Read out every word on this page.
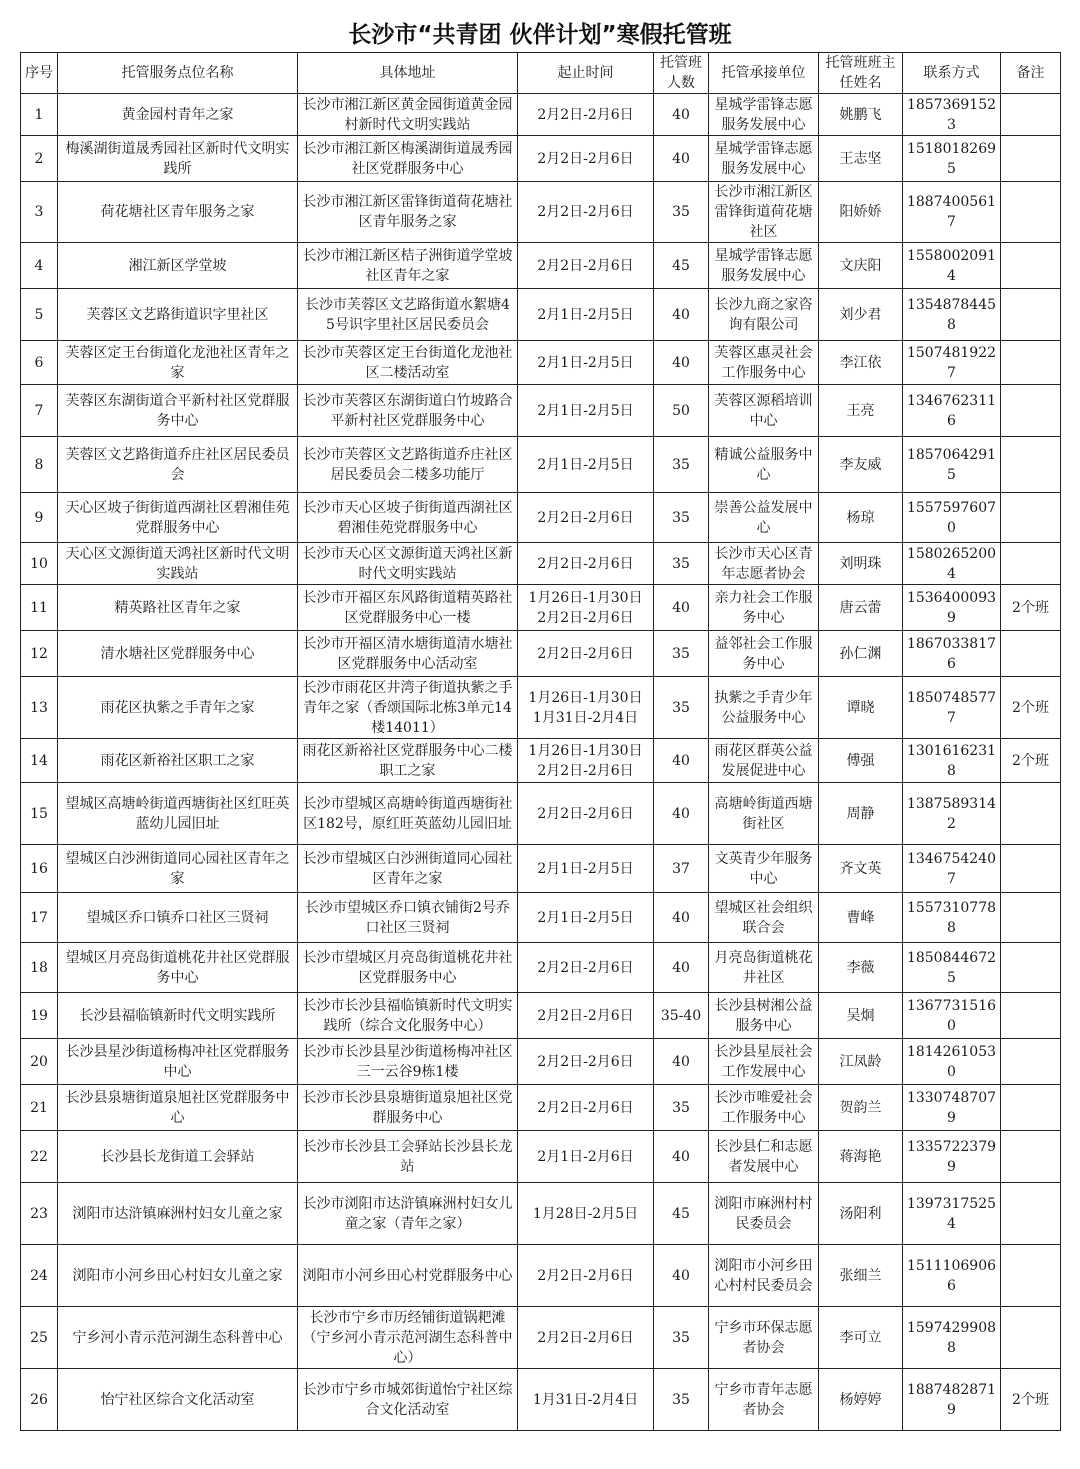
长沙市“共青团 伙伴计划”寒假托管班
序号	托管服务点位名称	具体地址	起止时间	托管班人数	托管承接单位	托管班班主任姓名	联系方式	备注
1	黄金园村青年之家	长沙市湘江新区黄金园街道黄金园村新时代文明实践站	2月2日-2月6日	40	星城学雷锋志愿服务发展中心	姚鹏飞	18573691523	
2	梅溪湖街道晟秀园社区新时代文明实践所	长沙市湘江新区梅溪湖街道晟秀园社区党群服务中心	2月2日-2月6日	40	星城学雷锋志愿服务发展中心	王志坚	15180182695	
3	荷花塘社区青年服务之家	长沙市湘江新区雷锋街道荷花塘社区青年服务之家	2月2日-2月6日	35	长沙市湘江新区雷锋街道荷花塘社区	阳娇娇	18874005617	
4	湘江新区学堂坡	长沙市湘江新区桔子洲街道学堂坡社区青年之家	2月2日-2月6日	45	星城学雷锋志愿服务发展中心	文庆阳	15580020914	
5	芙蓉区文艺路街道识字里社区	长沙市芙蓉区文艺路街道水絮塘45号识字里社区居民委员会	2月1日-2月5日	40	长沙九商之家咨询有限公司	刘少君	13548784458	
6	芙蓉区定王台街道化龙池社区青年之家	长沙市芙蓉区定王台街道化龙池社区二楼活动室	2月1日-2月5日	40	芙蓉区惠灵社会工作服务中心	李江依	15074819227	
7	芙蓉区东湖街道合平新村社区党群服务中心	长沙市芙蓉区东湖街道白竹坡路合平新村社区党群服务中心	2月1日-2月5日	50	芙蓉区源稻培训中心	王亮	13467623116	
8	芙蓉区文艺路街道乔庄社区居民委员会	长沙市芙蓉区文艺路街道乔庄社区居民委员会二楼多功能厅	2月1日-2月5日	35	精诚公益服务中心	李友威	18570642915	
9	天心区坡子街街道西湖社区碧湘佳苑党群服务中心	长沙市天心区坡子街街道西湖社区碧湘佳苑党群服务中心	2月2日-2月6日	35	崇善公益发展中心	杨琼	15575976070	
10	天心区文源街道天鸿社区新时代文明实践站	长沙市天心区文源街道天鸿社区新时代文明实践站	2月2日-2月6日	35	长沙市天心区青年志愿者协会	刘明珠	15802652004	
11	精英路社区青年之家	长沙市开福区东风路街道精英路社区党群服务中心一楼	1月26日-1月30日
2月2日-2月6日	40	亲力社会工作服务中心	唐云蕾	15364000939	2个班
12	清水塘社区党群服务中心	长沙市开福区清水塘街道清水塘社区党群服务中心活动室	2月2日-2月6日	35	益邻社会工作服务中心	孙仁渊	18670338176	
13	雨花区执紫之手青年之家	长沙市雨花区井湾子街道执紫之手青年之家（香颂国际北栋3单元14楼14011）	1月26日-1月30日
1月31日-2月4日	35	执紫之手青少年公益服务中心	谭晓	18507485777	2个班
14	雨花区新裕社区职工之家	雨花区新裕社区党群服务中心二楼职工之家	1月26日-1月30日
2月2日-2月6日	40	雨花区群英公益发展促进中心	傅强	13016162318	2个班
15	望城区高塘岭街道西塘街社区红旺英蓝幼儿园旧址	长沙市望城区高塘岭街道西塘街社区182号，原红旺英蓝幼儿园旧址	2月2日-2月6日	40	高塘岭街道西塘街社区	周静	13875893142	
16	望城区白沙洲街道同心园社区青年之家	长沙市望城区白沙洲街道同心园社区青年之家	2月1日-2月5日	37	文英青少年服务中心	齐文英	13467542407	
17	望城区乔口镇乔口社区三贤祠	长沙市望城区乔口镇衣铺街2号乔口社区三贤祠	2月1日-2月5日	40	望城区社会组织联合会	曹峰	15573107788	
18	望城区月亮岛街道桃花井社区党群服务中心	长沙市望城区月亮岛街道桃花井社区党群服务中心	2月2日-2月6日	40	月亮岛街道桃花井社区	李薇	18508446725	
19	长沙县福临镇新时代文明实践所	长沙市长沙县福临镇新时代文明实践所（综合文化服务中心）	2月2日-2月6日	35-40	长沙县树湘公益服务中心	吴炯	13677315160	
20	长沙县星沙街道杨梅冲社区党群服务中心	长沙市长沙县星沙街道杨梅冲社区三一云谷9栋1楼	2月2日-2月6日	40	长沙县星辰社会工作发展中心	江凤龄	18142610530	
21	长沙县泉塘街道泉旭社区党群服务中心	长沙市长沙县泉塘街道泉旭社区党群服务中心	2月2日-2月6日	35	长沙市唯爱社会工作服务中心	贺韵兰	13307487079	
22	长沙县长龙街道工会驿站	长沙市长沙县工会驿站长沙县长龙站	2月1日-2月6日	40	长沙县仁和志愿者发展中心	蒋海艳	13357223799	
23	浏阳市达浒镇麻洲村妇女儿童之家	长沙市浏阳市达浒镇麻洲村妇女儿童之家（青年之家）	1月28日-2月5日	45	浏阳市麻洲村村民委员会	汤阳利	13973175254	
24	浏阳市小河乡田心村妇女儿童之家	浏阳市小河乡田心村党群服务中心	2月2日-2月6日	40	浏阳市小河乡田心村村民委员会	张细兰	15111069066	
25	宁乡河小青示范河湖生态科普中心	长沙市宁乡市历经铺街道锅耙滩（宁乡河小青示范河湖生态科普中心）	2月2日-2月6日	35	宁乡市环保志愿者协会	李可立	15974299088	
26	怡宁社区综合文化活动室	长沙市宁乡市城郊街道怡宁社区综合文化活动室	1月31日-2月4日	35	宁乡市青年志愿者协会	杨婷婷	18874828719	2个班
